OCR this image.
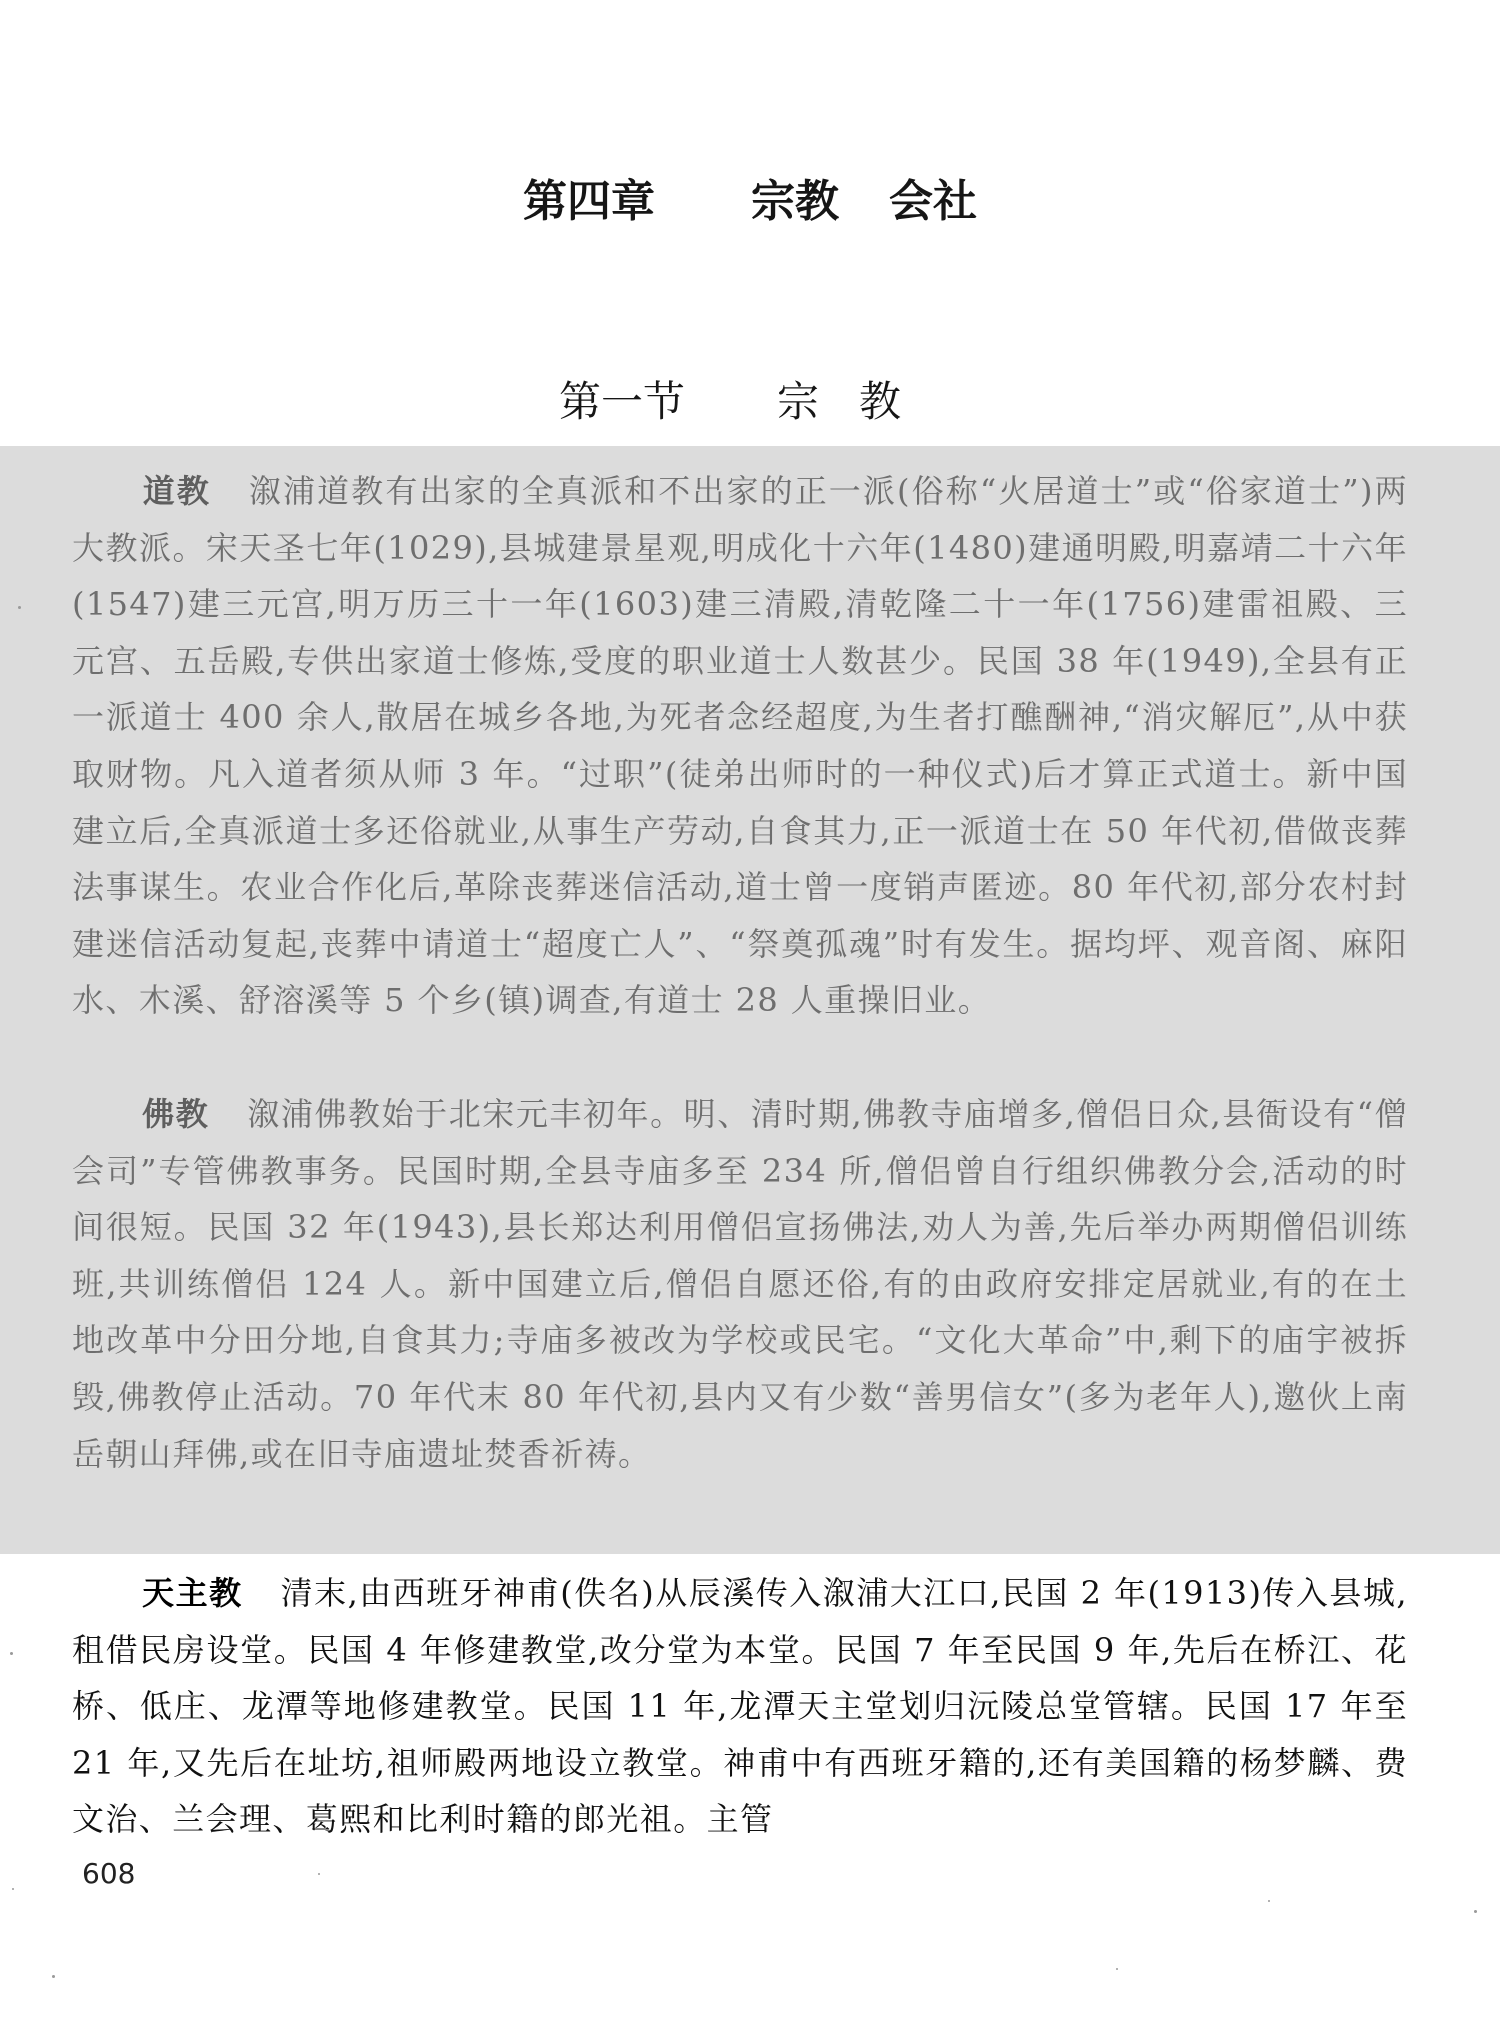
第四章 宗教 会社
第一节 宗教

道教 溆浦道教有出家的全真派和不出家的正一派(俗称“火居道士”或“俗家道士”)两大教派。宋天圣七年(1029),县城建景星观,明成化十六年(1480)建通明殿,明嘉靖二十六年(1547)建三元宫,明万历三十一年(1603)建三清殿,清乾隆二十一年(1756)建雷祖殿、三元宫、五岳殿,专供出家道士修炼,受度的职业道士人数甚少。民国 38 年(1949),全县有正一派道士 400 余人,散居在城乡各地,为死者念经超度,为生者打醮酬神,“消灾解厄”,从中获取财物。凡入道者须从师 3 年。“过职”(徒弟出师时的一种仪式)后才算正式道士。新中国建立后,全真派道士多还俗就业,从事生产劳动,自食其力,正一派道士在 50 年代初,借做丧葬法事谋生。农业合作化后,革除丧葬迷信活动,道士曾一度销声匿迹。80 年代初,部分农村封建迷信活动复起,丧葬中请道士“超度亡人”、“祭奠孤魂”时有发生。据均坪、观音阁、麻阳水、木溪、舒溶溪等 5 个乡(镇)调查,有道士 28 人重操旧业。

佛教 溆浦佛教始于北宋元丰初年。明、清时期,佛教寺庙增多,僧侣日众,县衙设有“僧会司”专管佛教事务。民国时期,全县寺庙多至 234 所,僧侣曾自行组织佛教分会,活动的时间很短。民国 32 年(1943),县长郑达利用僧侣宣扬佛法,劝人为善,先后举办两期僧侣训练班,共训练僧侣 124 人。新中国建立后,僧侣自愿还俗,有的由政府安排定居就业,有的在土地改革中分田分地,自食其力;寺庙多被改为学校或民宅。“文化大革命”中,剩下的庙宇被拆毁,佛教停止活动。70 年代末 80 年代初,县内又有少数“善男信女”(多为老年人),邀伙上南岳朝山拜佛,或在旧寺庙遗址焚香祈祷。

天主教 清末,由西班牙神甫(佚名)从辰溪传入溆浦大江口,民国 2 年(1913)传入县城,租借民房设堂。民国 4 年修建教堂,改分堂为本堂。民国 7 年至民国 9 年,先后在桥江、花桥、低庄、龙潭等地修建教堂。民国 11 年,龙潭天主堂划归沅陵总堂管辖。民国 17 年至 21 年,又先后在址坊,祖师殿两地设立教堂。神甫中有西班牙籍的,还有美国籍的杨梦麟、费文治、兰会理、葛熙和比利时籍的郎光祖。主管

608
